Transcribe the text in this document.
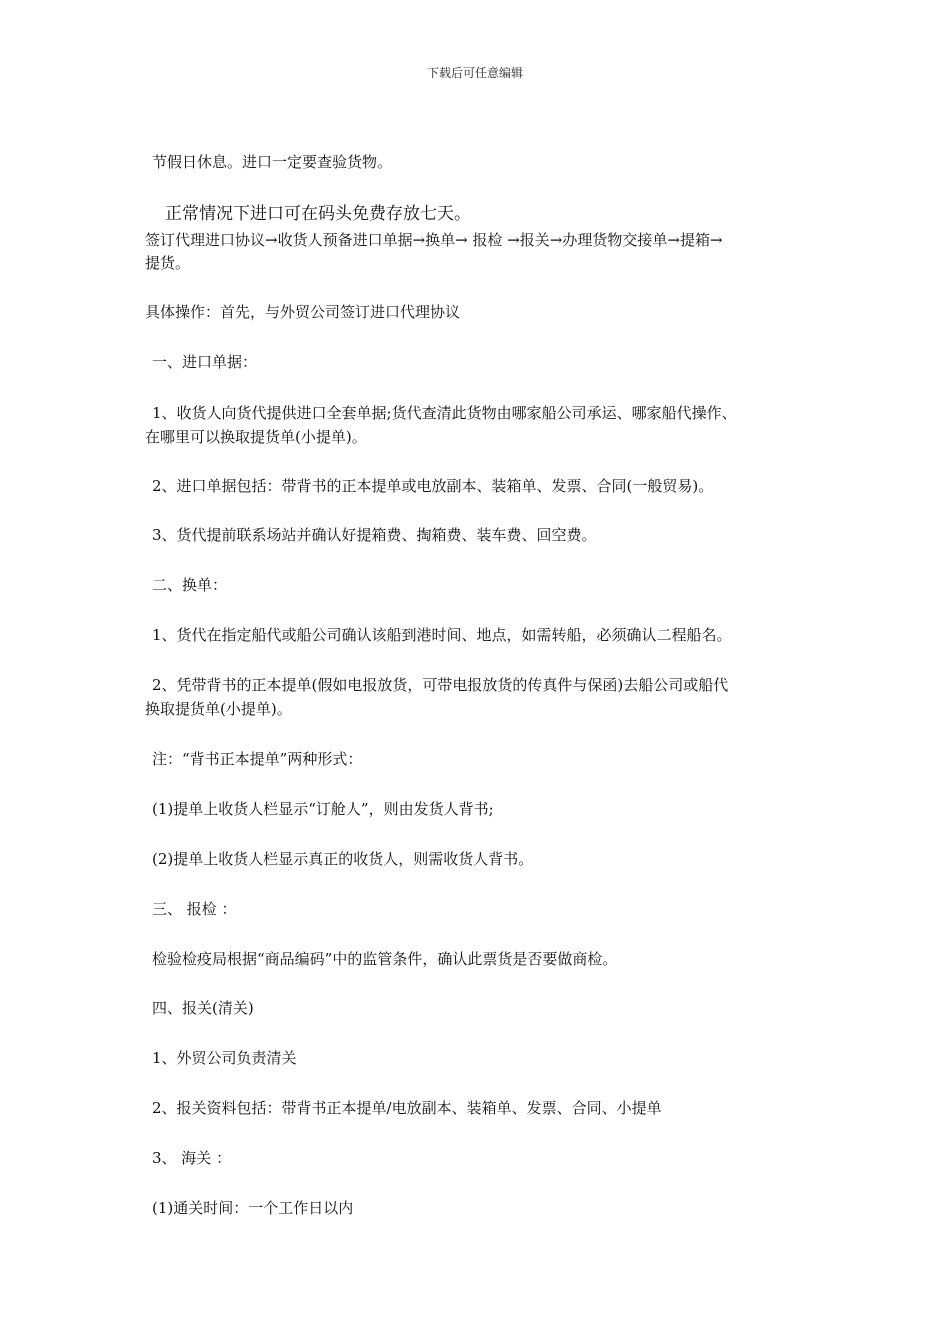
下载后可任意编辑
节假日休息。进口一定要查验货物。
正常情况下进口可在码头免费存放七天。
签订代理进口协议→收货人预备进口单据→换单→ 报检 →报关→办理货物交接单→提箱→
提货。
具体操作：首先，与外贸公司签订进口代理协议
一、进口单据：
1、收货人向货代提供进口全套单据;货代查清此货物由哪家船公司承运、哪家船代操作、
在哪里可以换取提货单(小提单)。
2、进口单据包括：带背书的正本提单或电放副本、装箱单、发票、合同(一般贸易)。
3、货代提前联系场站并确认好提箱费、掏箱费、装车费、回空费。
二、换单：
1、货代在指定船代或船公司确认该船到港时间、地点，如需转船，必须确认二程船名。
2、凭带背书的正本提单(假如电报放货，可带电报放货的传真件与保函)去船公司或船代
换取提货单(小提单)。
注：“背书正本提单”两种形式：
(1)提单上收货人栏显示“订舱人”，则由发货人背书;
(2)提单上收货人栏显示真正的收货人，则需收货人背书。
三、 报检 ：
检验检疫局根据“商品编码”中的监管条件，确认此票货是否要做商检。
四、报关(清关)
1、外贸公司负责清关
2、报关资料包括：带背书正本提单/电放副本、装箱单、发票、合同、小提单
3、 海关 ：
(1)通关时间：一个工作日以内
